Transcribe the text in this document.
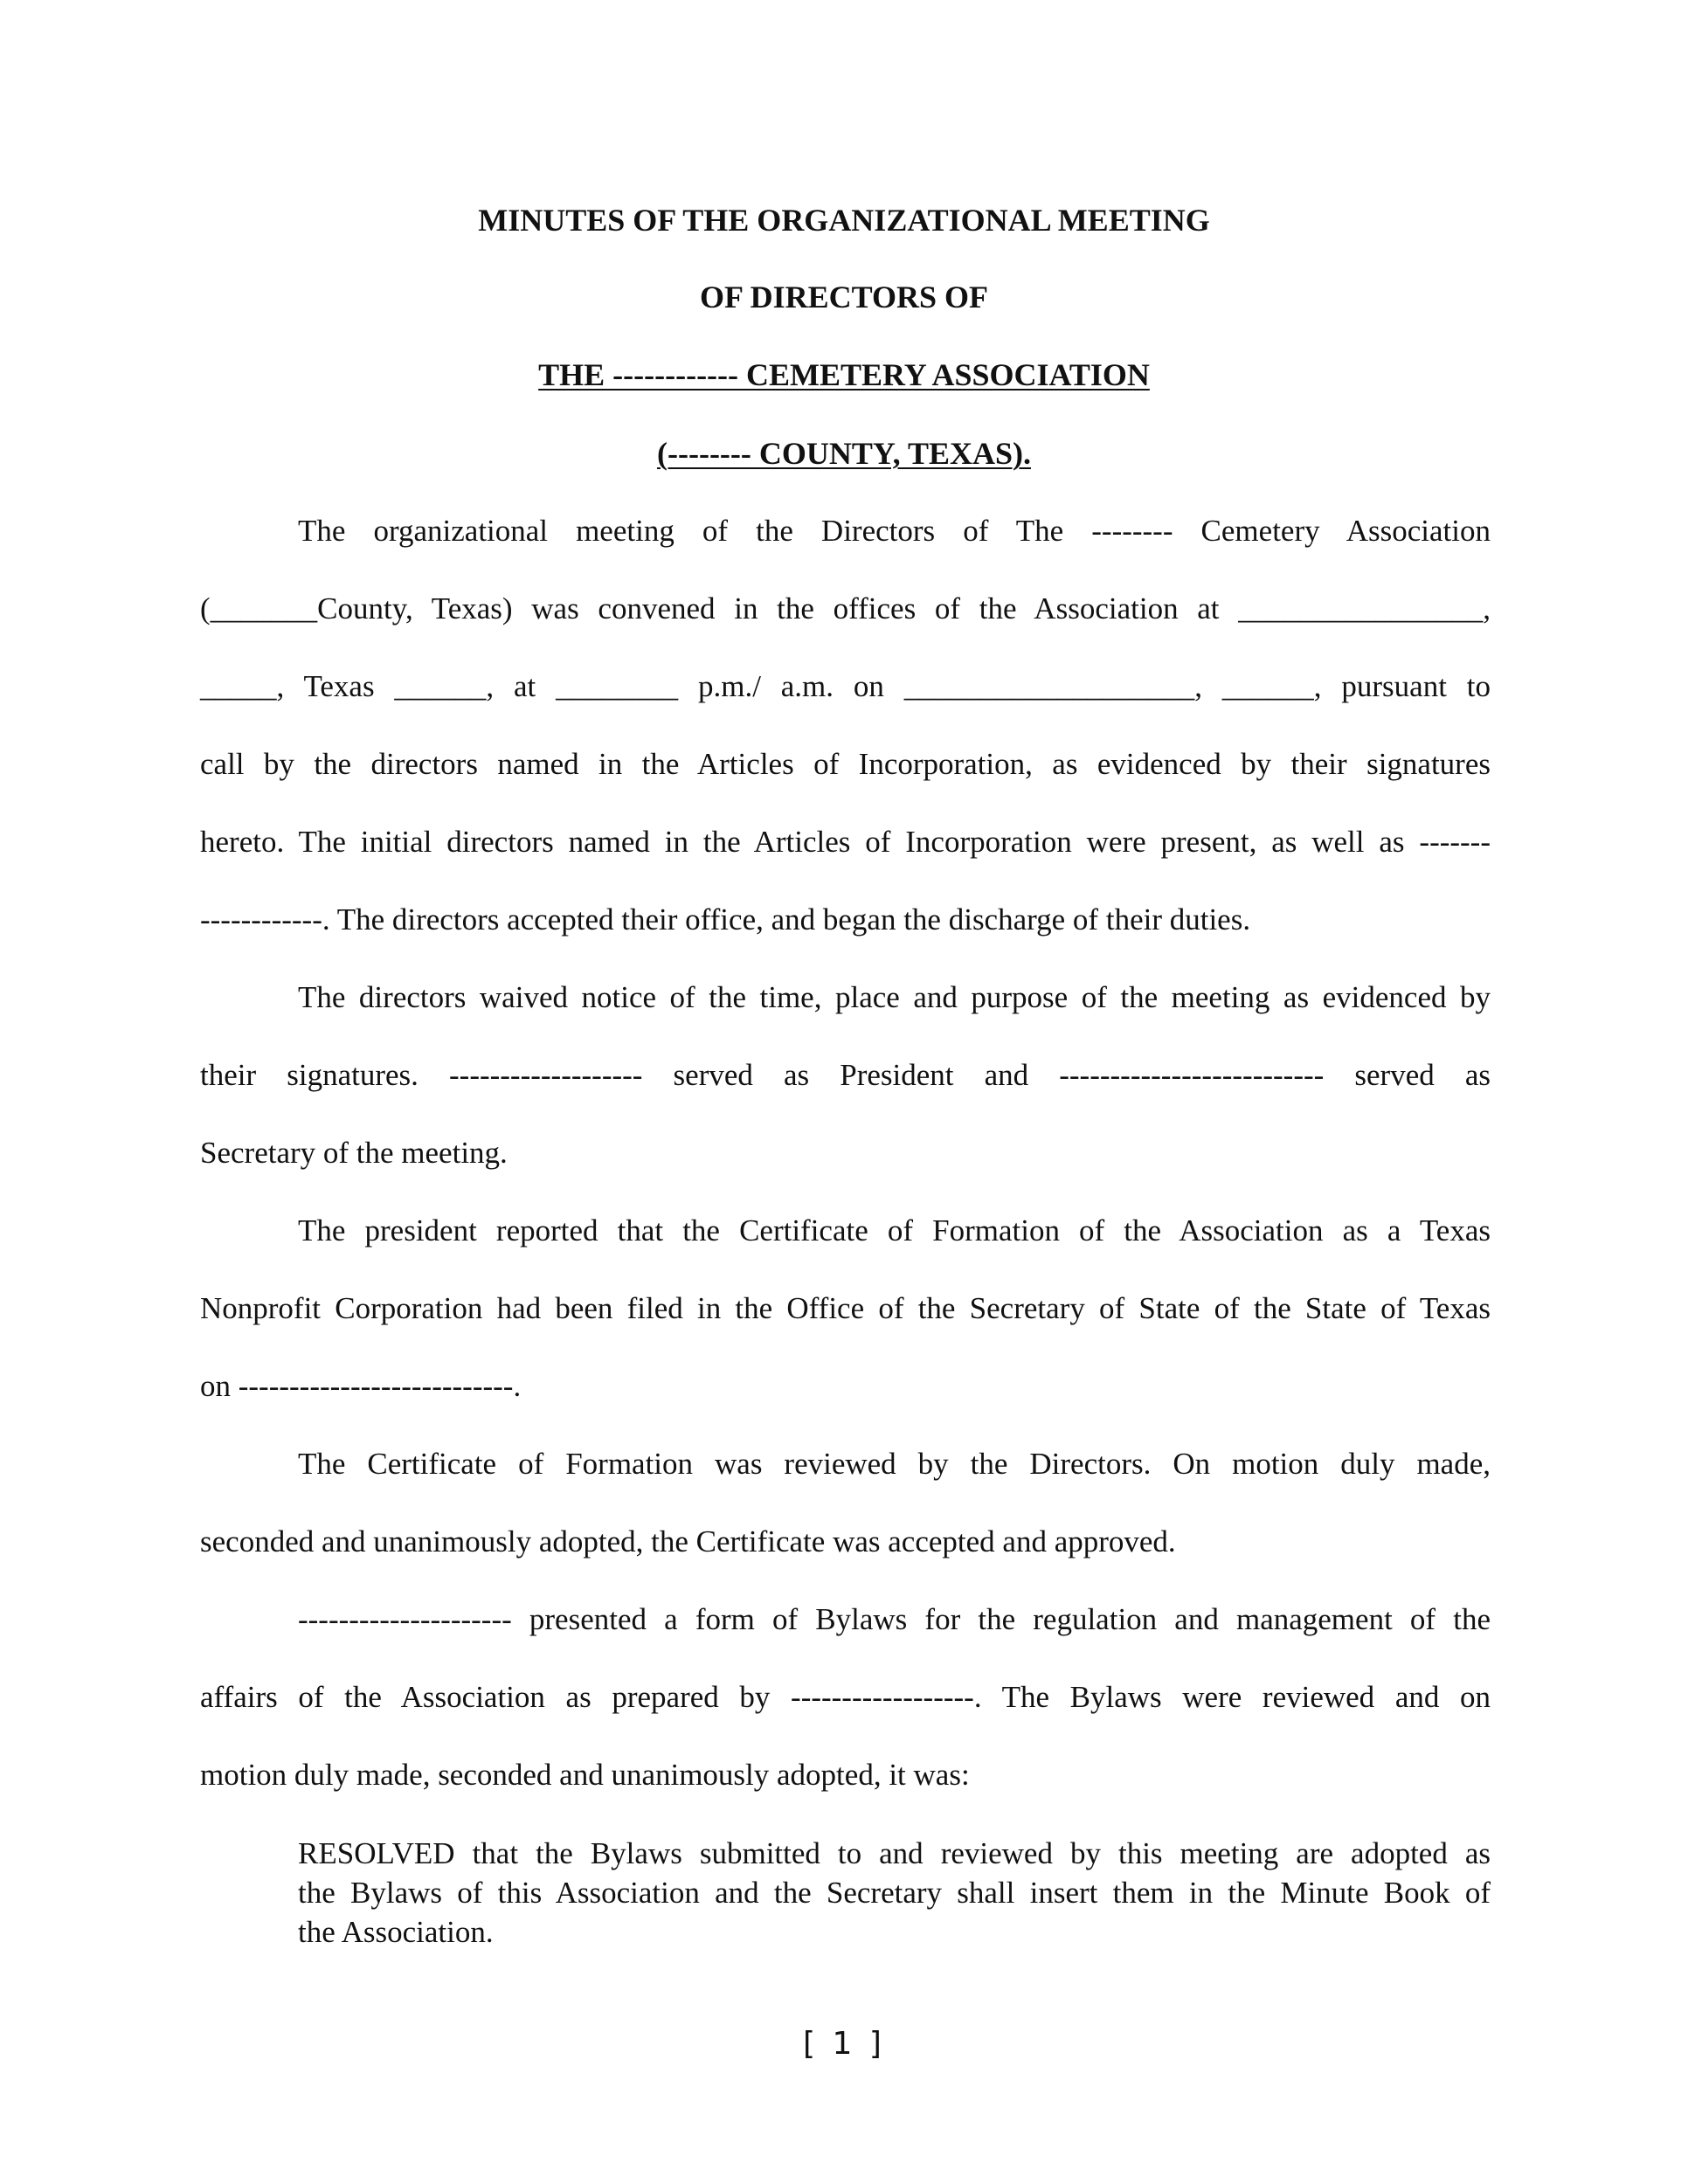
MINUTES OF THE ORGANIZATIONAL MEETING
OF DIRECTORS OF
THE ------------ CEMETERY ASSOCIATION
(-------- COUNTY, TEXAS).
The organizational meeting of the Directors of The -------- Cemetery Association
(_______County, Texas) was convened in the offices of the Association at ________________,
_____, Texas ______, at ________ p.m./ a.m. on ___________________, ______, pursuant to
call by the directors named in the Articles of Incorporation, as evidenced by their signatures
hereto. The initial directors named in the Articles of Incorporation were present, as well as -------
------------. The directors accepted their office, and began the discharge of their duties.
The directors waived notice of the time, place and purpose of the meeting as evidenced by
their signatures. ------------------- served as President and -------------------------- served as
Secretary of the meeting.
The president reported that the Certificate of Formation of the Association as a Texas
Nonprofit Corporation had been filed in the Office of the Secretary of State of the State of Texas
on ---------------------------.
The Certificate of Formation was reviewed by the Directors. On motion duly made,
seconded and unanimously adopted, the Certificate was accepted and approved.
--------------------- presented a form of Bylaws for the regulation and management of the
affairs of the Association as prepared by ------------------. The Bylaws were reviewed and on
motion duly made, seconded and unanimously adopted, it was:
RESOLVED that the Bylaws submitted to and reviewed by this meeting are adopted as
the Bylaws of this Association and the Secretary shall insert them in the Minute Book of
the Association.
[ 1 ]
